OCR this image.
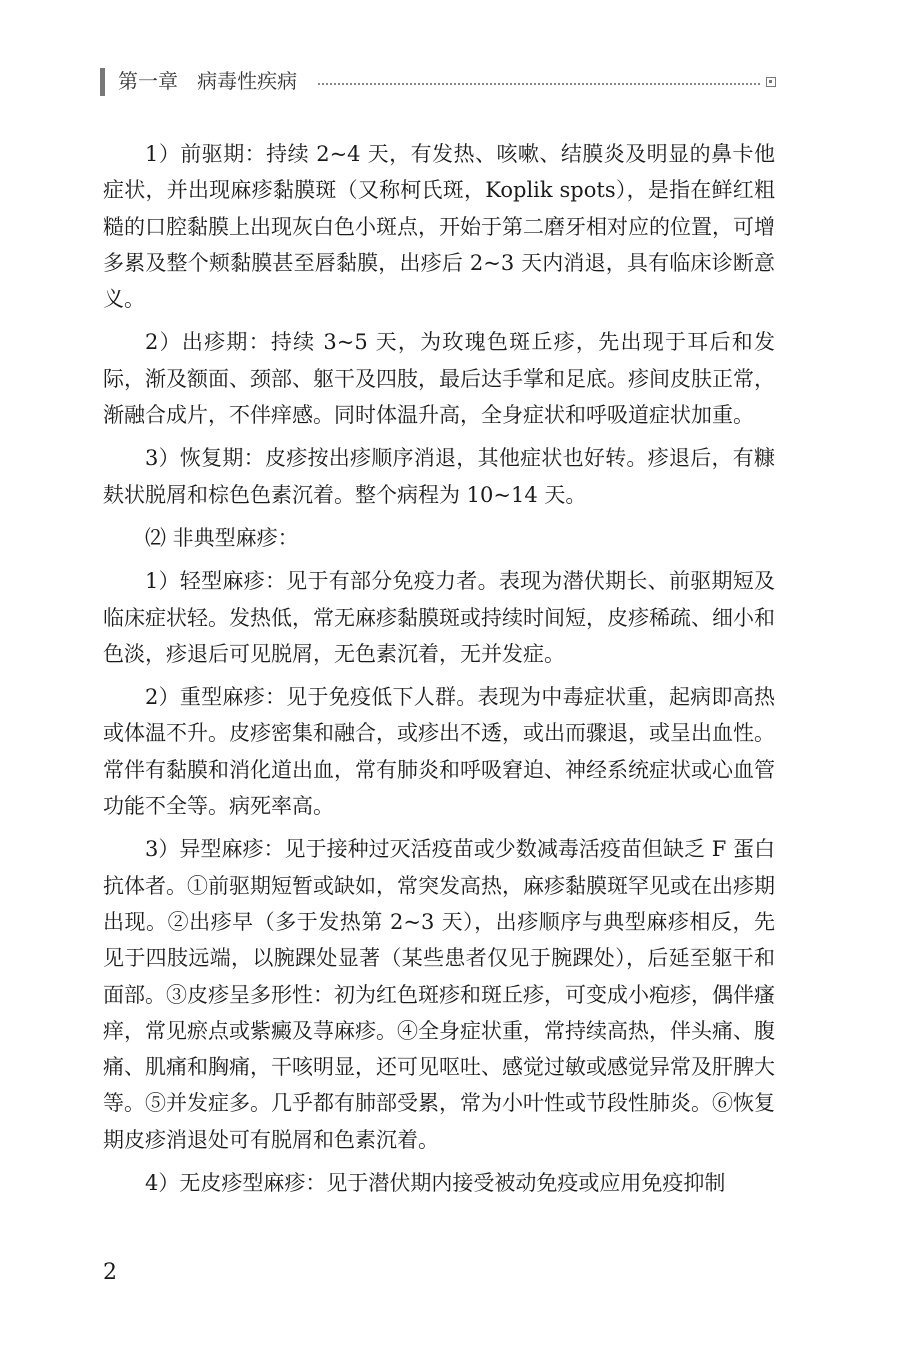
第一章   病毒性疾病

1）前驱期：持续 2~4 天，有发热、咳嗽、结膜炎及明显的鼻卡他症状，并出现麻疹黏膜斑（又称柯氏斑，Koplik spots），是指在鲜红粗糙的口腔黏膜上出现灰白色小斑点，开始于第二磨牙相对应的位置，可增多累及整个颊黏膜甚至唇黏膜，出疹后 2~3 天内消退，具有临床诊断意义。

2）出疹期：持续 3~5 天，为玫瑰色斑丘疹，先出现于耳后和发际，渐及额面、颈部、躯干及四肢，最后达手掌和足底。疹间皮肤正常，渐融合成片，不伴痒感。同时体温升高，全身症状和呼吸道症状加重。

3）恢复期：皮疹按出疹顺序消退，其他症状也好转。疹退后，有糠麸状脱屑和棕色色素沉着。整个病程为 10~14 天。

⑵ 非典型麻疹：

1）轻型麻疹：见于有部分免疫力者。表现为潜伏期长、前驱期短及临床症状轻。发热低，常无麻疹黏膜斑或持续时间短，皮疹稀疏、细小和色淡，疹退后可见脱屑，无色素沉着，无并发症。

2）重型麻疹：见于免疫低下人群。表现为中毒症状重，起病即高热或体温不升。皮疹密集和融合，或疹出不透，或出而骤退，或呈出血性。常伴有黏膜和消化道出血，常有肺炎和呼吸窘迫、神经系统症状或心血管功能不全等。病死率高。

3）异型麻疹：见于接种过灭活疫苗或少数减毒活疫苗但缺乏 F 蛋白抗体者。①前驱期短暂或缺如，常突发高热，麻疹黏膜斑罕见或在出疹期出现。②出疹早（多于发热第 2~3 天），出疹顺序与典型麻疹相反，先见于四肢远端，以腕踝处显著（某些患者仅见于腕踝处），后延至躯干和面部。③皮疹呈多形性：初为红色斑疹和斑丘疹，可变成小疱疹，偶伴瘙痒，常见瘀点或紫癜及荨麻疹。④全身症状重，常持续高热，伴头痛、腹痛、肌痛和胸痛，干咳明显，还可见呕吐、感觉过敏或感觉异常及肝脾大等。⑤并发症多。几乎都有肺部受累，常为小叶性或节段性肺炎。⑥恢复期皮疹消退处可有脱屑和色素沉着。

4）无皮疹型麻疹：见于潜伏期内接受被动免疫或应用免疫抑制

2
